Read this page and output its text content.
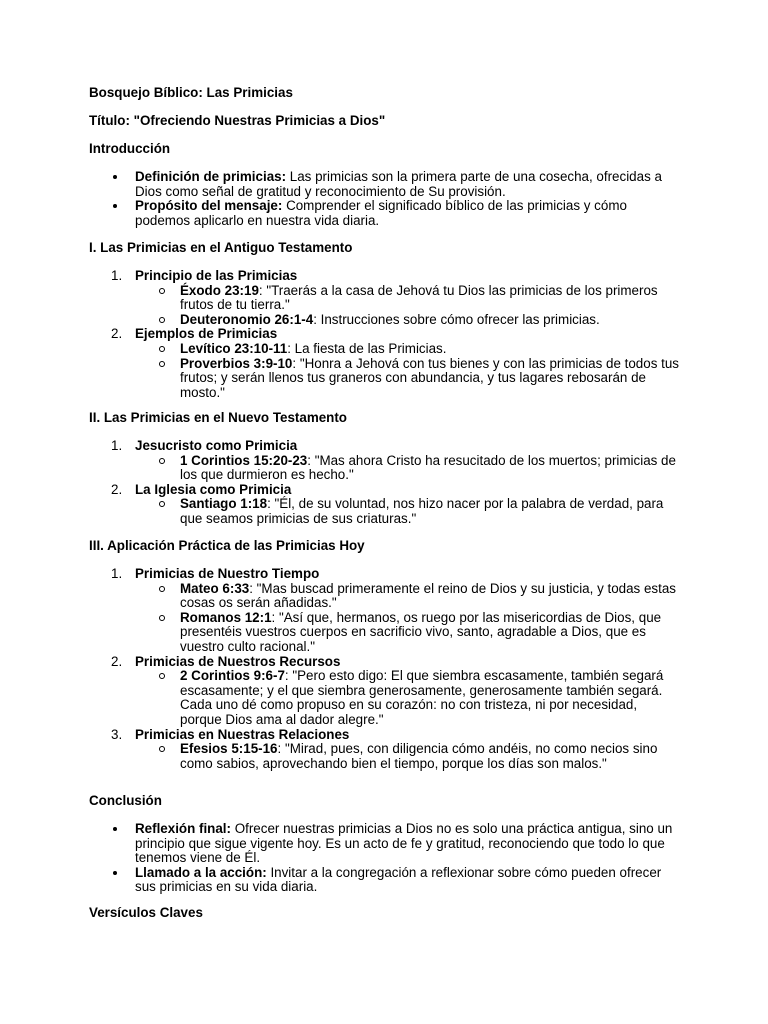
Bosquejo Bíblico: Las Primicias

Título: "Ofreciendo Nuestras Primicias a Dios"

Introducción

Definición de primicias: Las primicias son la primera parte de una cosecha, ofrecidas a Dios como señal de gratitud y reconocimiento de Su provisión.
Propósito del mensaje: Comprender el significado bíblico de las primicias y cómo podemos aplicarlo en nuestra vida diaria.

I. Las Primicias en el Antiguo Testamento

1. Principio de las Primicias
Éxodo 23:19: "Traerás a la casa de Jehová tu Dios las primicias de los primeros frutos de tu tierra."
Deuteronomio 26:1-4: Instrucciones sobre cómo ofrecer las primicias.
2. Ejemplos de Primicias
Levítico 23:10-11: La fiesta de las Primicias.
Proverbios 3:9-10: "Honra a Jehová con tus bienes y con las primicias de todos tus frutos; y serán llenos tus graneros con abundancia, y tus lagares rebosarán de mosto."

II. Las Primicias en el Nuevo Testamento

1. Jesucristo como Primicia
1 Corintios 15:20-23: "Mas ahora Cristo ha resucitado de los muertos; primicias de los que durmieron es hecho."
2. La Iglesia como Primicia
Santiago 1:18: "Él, de su voluntad, nos hizo nacer por la palabra de verdad, para que seamos primicias de sus criaturas."

III. Aplicación Práctica de las Primicias Hoy

1. Primicias de Nuestro Tiempo
Mateo 6:33: "Mas buscad primeramente el reino de Dios y su justicia, y todas estas cosas os serán añadidas."
Romanos 12:1: "Así que, hermanos, os ruego por las misericordias de Dios, que presentéis vuestros cuerpos en sacrificio vivo, santo, agradable a Dios, que es vuestro culto racional."
2. Primicias de Nuestros Recursos
2 Corintios 9:6-7: "Pero esto digo: El que siembra escasamente, también segará escasamente; y el que siembra generosamente, generosamente también segará. Cada uno dé como propuso en su corazón: no con tristeza, ni por necesidad, porque Dios ama al dador alegre."
3. Primicias en Nuestras Relaciones
Efesios 5:15-16: "Mirad, pues, con diligencia cómo andéis, no como necios sino como sabios, aprovechando bien el tiempo, porque los días son malos."

Conclusión

Reflexión final: Ofrecer nuestras primicias a Dios no es solo una práctica antigua, sino un principio que sigue vigente hoy. Es un acto de fe y gratitud, reconociendo que todo lo que tenemos viene de Él.
Llamado a la acción: Invitar a la congregación a reflexionar sobre cómo pueden ofrecer sus primicias en su vida diaria.

Versículos Claves
